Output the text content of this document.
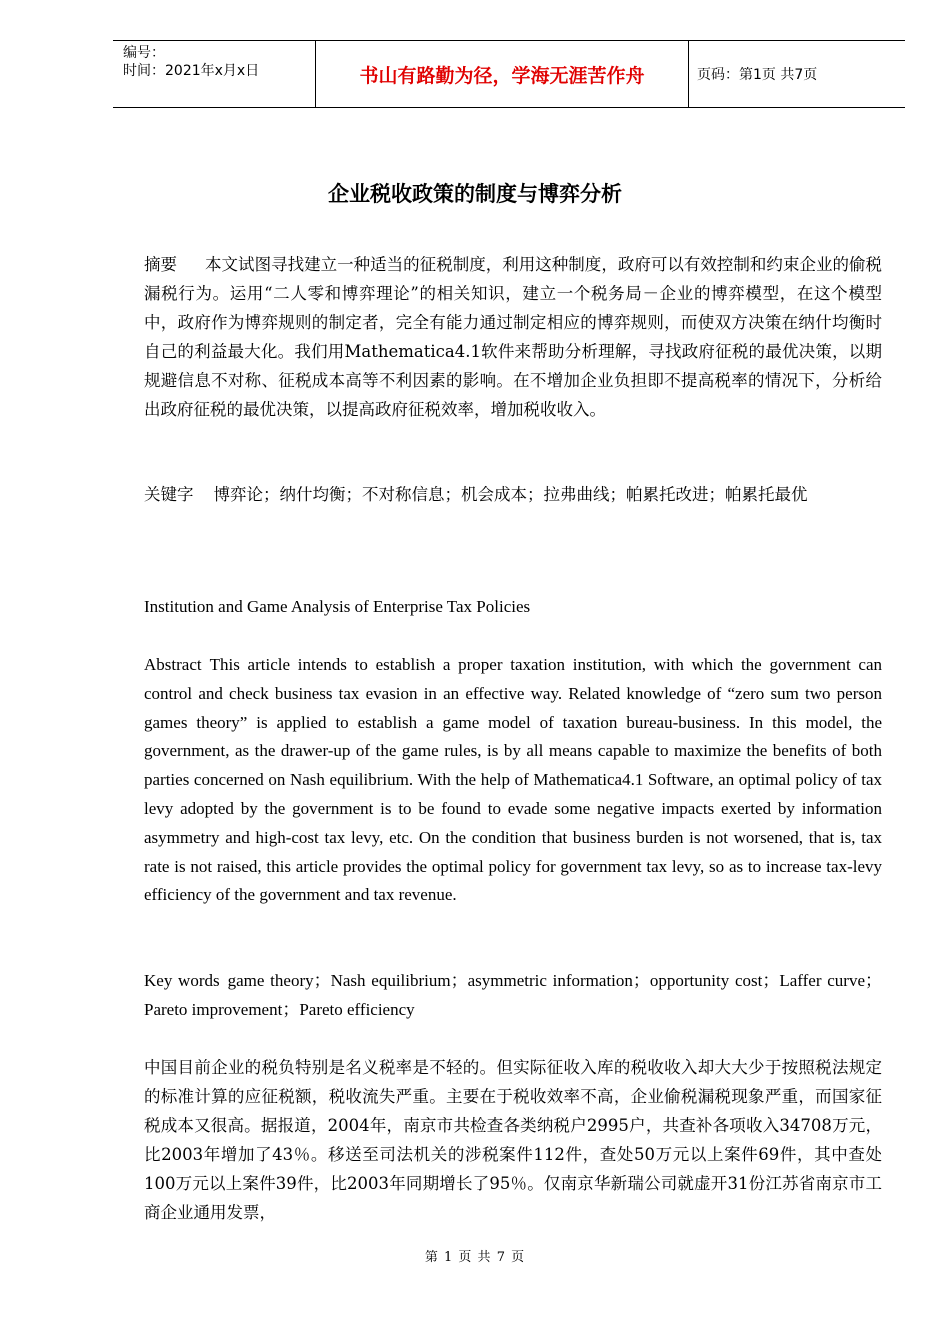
编号：
时间：2021年x月x日	书山有路勤为径，学海无涯苦作舟	页码：第1页 共7页
企业税收政策的制度与博弈分析

摘要 本文试图寻找建立一种适当的征税制度，利用这种制度，政府可以有效控制和约束企业的偷税漏税行为。运用“二人零和博弈理论”的相关知识，建立一个税务局－企业的博弈模型，在这个模型中，政府作为博弈规则的制定者，完全有能力通过制定相应的博弈规则，而使双方决策在纳什均衡时自己的利益最大化。我们用Mathematica4.1软件来帮助分析理解，寻找政府征税的最优决策，以期规避信息不对称、征税成本高等不利因素的影响。在不增加企业负担即不提高税率的情况下，分析给出政府征税的最优决策，以提高政府征税效率，增加税收收入。

关键字 博弈论；纳什均衡；不对称信息；机会成本；拉弗曲线；帕累托改进；帕累托最优

Institution and Game Analysis of Enterprise Tax Policies

Abstract This article intends to establish a proper taxation institution, with which the government can control and check business tax evasion in an effective way. Related knowledge of “zero sum two person games theory” is applied to establish a game model of taxation bureau-business. In this model, the government, as the drawer-up of the game rules, is by all means capable to maximize the benefits of both parties concerned on Nash equilibrium. With the help of Mathematica4.1 Software, an optimal policy of tax levy adopted by the government is to be found to evade some negative impacts exerted by information asymmetry and high-cost tax levy, etc. On the condition that business burden is not worsened, that is, tax rate is not raised, this article provides the optimal policy for government tax levy, so as to increase tax-levy efficiency of the government and tax revenue.

Key words game theory；Nash equilibrium；asymmetric information；opportunity cost；Laffer curve；Pareto improvement；Pareto efficiency

中国目前企业的税负特别是名义税率是不轻的。但实际征收入库的税收收入却大大少于按照税法规定的标准计算的应征税额，税收流失严重。主要在于税收效率不高，企业偷税漏税现象严重，而国家征税成本又很高。据报道，2004年，南京市共检查各类纳税户2995户，共查补各项收入34708万元，比2003年增加了43％。移送至司法机关的涉税案件112件，查处50万元以上案件69件，其中查处100万元以上案件39件，比2003年同期增长了95％。仅南京华新瑞公司就虚开31份江苏省南京市工商企业通用发票，

第 1 页 共 7 页
